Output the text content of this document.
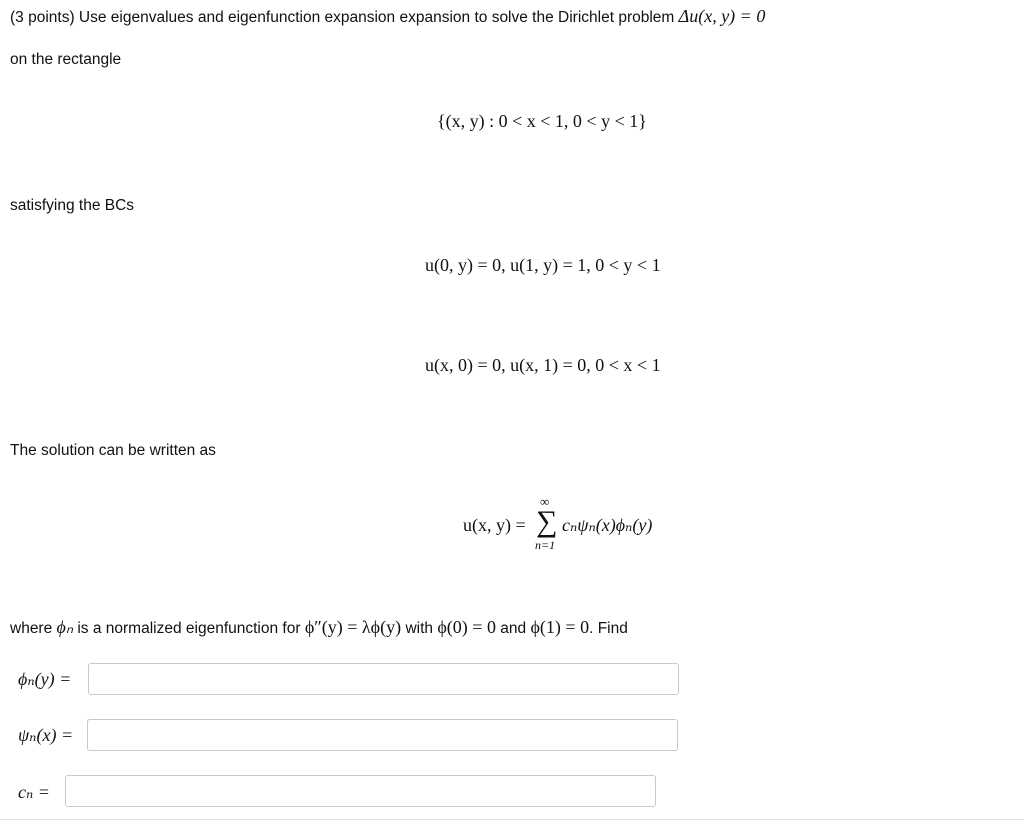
(3 points) Use eigenvalues and eigenfunction expansion expansion to solve the Dirichlet problem Δu(x, y) = 0
on the rectangle
{(x, y) : 0 < x < 1, 0 < y < 1}
satisfying the BCs
u(0, y) = 0, u(1, y) = 1, 0 < y < 1
u(x, 0) = 0, u(x, 1) = 0, 0 < x < 1
The solution can be written as
u(x, y) =
∞
∑
n=1
cₙψₙ(x)ϕₙ(y)
where ϕₙ is a normalized eigenfunction for ϕ″(y) = λϕ(y) with ϕ(0) = 0 and ϕ(1) = 0. Find
ϕₙ(y) =
ψₙ(x) =
cₙ =
